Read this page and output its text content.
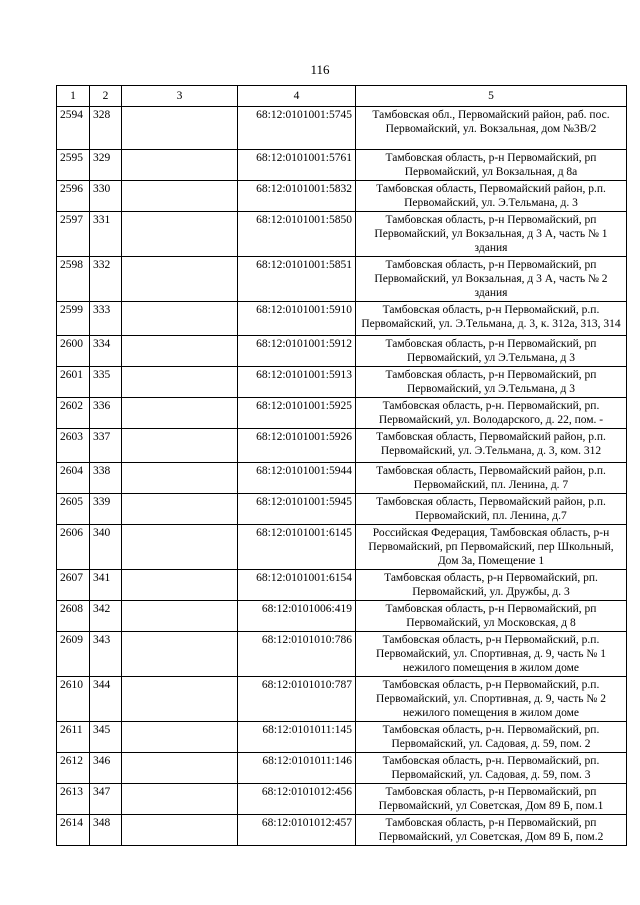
116
1	2	3	4	5
2594	328		68:12:0101001:5745	Тамбовская обл., Первомайский район, раб. пос. Первомайский, ул. Вокзальная, дом №3В/2
2595	329		68:12:0101001:5761	Тамбовская область, р-н Первомайский, рп Первомайский, ул Вокзальная, д 8а
2596	330		68:12:0101001:5832	Тамбовская область, Первомайский район, р.п. Первомайский, ул. Э.Тельмана, д. 3
2597	331		68:12:0101001:5850	Тамбовская область, р-н Первомайский, рп Первомайский, ул Вокзальная, д 3 А, часть № 1 здания
2598	332		68:12:0101001:5851	Тамбовская область, р-н Первомайский, рп Первомайский, ул Вокзальная, д 3 А, часть № 2 здания
2599	333		68:12:0101001:5910	Тамбовская область, р-н Первомайский, р.п. Первомайский, ул. Э.Тельмана, д. 3, к. 312а, 313, 314
2600	334		68:12:0101001:5912	Тамбовская область, р-н Первомайский, рп Первомайский, ул Э.Тельмана, д 3
2601	335		68:12:0101001:5913	Тамбовская область, р-н Первомайский, рп Первомайский, ул Э.Тельмана, д 3
2602	336		68:12:0101001:5925	Тамбовская область, р-н. Первомайский, рп. Первомайский, ул. Володарского, д. 22, пом. -
2603	337		68:12:0101001:5926	Тамбовская область, Первомайский район, р.п. Первомайский, ул. Э.Тельмана, д. 3, ком. 312
2604	338		68:12:0101001:5944	Тамбовская область, Первомайский район, р.п. Первомайский, пл. Ленина, д. 7
2605	339		68:12:0101001:5945	Тамбовская область, Первомайский район, р.п. Первомайский, пл. Ленина, д.7
2606	340		68:12:0101001:6145	Российская Федерация, Тамбовская область, р-н Первомайский, рп Первомайский, пер Школьный, Дом 3а, Помещение 1
2607	341		68:12:0101001:6154	Тамбовская область, р-н Первомайский, рп. Первомайский, ул. Дружбы, д. 3
2608	342		68:12:0101006:419	Тамбовская область, р-н Первомайский, рп Первомайский, ул Московская, д 8
2609	343		68:12:0101010:786	Тамбовская область, р-н Первомайский, р.п. Первомайский, ул. Спортивная, д. 9, часть № 1 нежилого помещения в жилом доме
2610	344		68:12:0101010:787	Тамбовская область, р-н Первомайский, р.п. Первомайский, ул. Спортивная, д. 9, часть № 2 нежилого помещения в жилом доме
2611	345		68:12:0101011:145	Тамбовская область, р-н. Первомайский, рп. Первомайский, ул. Садовая, д. 59, пом. 2
2612	346		68:12:0101011:146	Тамбовская область, р-н. Первомайский, рп. Первомайский, ул. Садовая, д. 59, пом. 3
2613	347		68:12:0101012:456	Тамбовская область, р-н Первомайский, рп Первомайский, ул Советская, Дом 89 Б, пом.1
2614	348		68:12:0101012:457	Тамбовская область, р-н Первомайский, рп Первомайский, ул Советская, Дом 89 Б, пом.2
